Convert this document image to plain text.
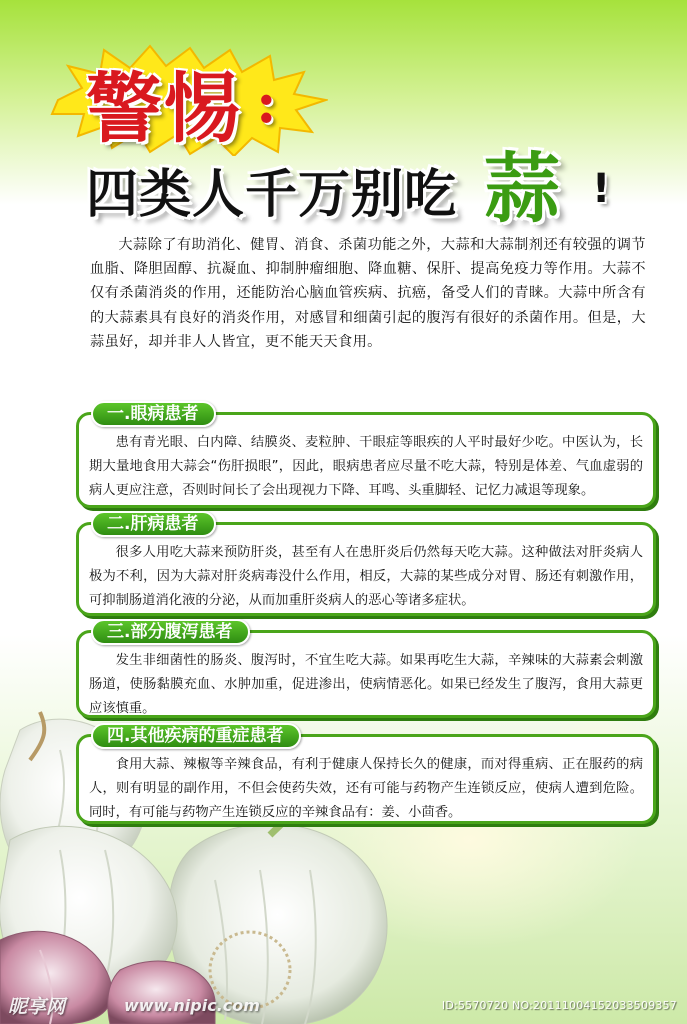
警惕 :
四类人千万别吃 蒜 !

大蒜除了有助消化、健胃、消食、杀菌功能之外，大蒜和大蒜制剂还有较强的调节血脂、降胆固醇、抗凝血、抑制肿瘤细胞、降血糖、保肝、提高免疫力等作用。大蒜不仅有杀菌消炎的作用，还能防治心脑血管疾病、抗癌，备受人们的青睐。大蒜中所含有的大蒜素具有良好的消炎作用，对感冒和细菌引起的腹泻有很好的杀菌作用。但是，大蒜虽好，却并非人人皆宜，更不能天天食用。

一.眼病患者

患有青光眼、白内障、结膜炎、麦粒肿、干眼症等眼疾的人平时最好少吃。中医认为，长期大量地食用大蒜会“伤肝损眼”，因此，眼病患者应尽量不吃大蒜，特别是体差、气血虚弱的病人更应注意，否则时间长了会出现视力下降、耳鸣、头重脚轻、记忆力减退等现象。

二.肝病患者

很多人用吃大蒜来预防肝炎，甚至有人在患肝炎后仍然每天吃大蒜。这种做法对肝炎病人极为不利，因为大蒜对肝炎病毒没什么作用，相反，大蒜的某些成分对胃、肠还有刺激作用，可抑制肠道消化液的分泌，从而加重肝炎病人的恶心等诸多症状。

三.部分腹泻患者

发生非细菌性的肠炎、腹泻时，不宜生吃大蒜。如果再吃生大蒜，辛辣味的大蒜素会刺激肠道，使肠黏膜充血、水肿加重，促进渗出，使病情恶化。如果已经发生了腹泻，食用大蒜更应该慎重。

四.其他疾病的重症患者

食用大蒜、辣椒等辛辣食品，有利于健康人保持长久的健康，而对得重病、正在服药的病人，则有明显的副作用，不但会使药失效，还有可能与药物产生连锁反应，使病人遭到危险。同时，有可能与药物产生连锁反应的辛辣食品有：姜、小茴香。

昵享网	www.nipic.com	ID:5570720 NO:20111004152033509357
